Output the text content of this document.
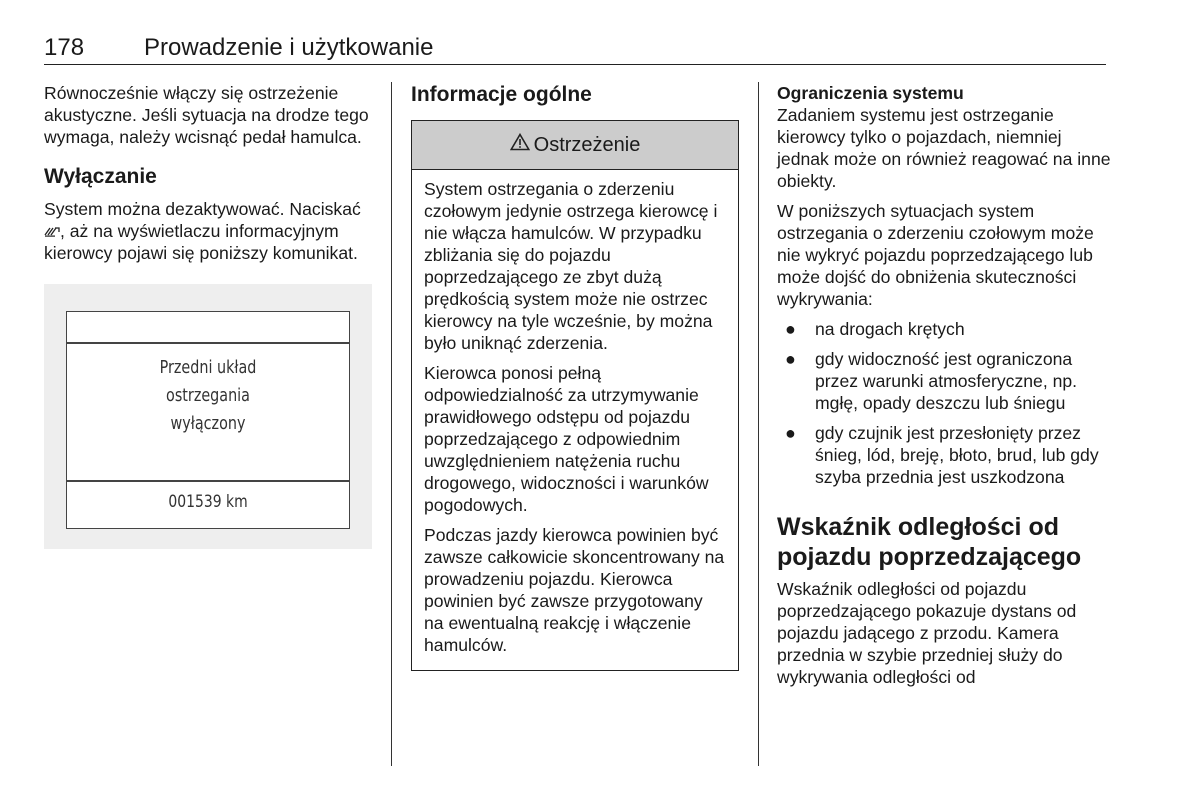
178 Prowadzenie i użytkowanie

Równocześnie włączy się ostrzeżenie akustyczne. Jeśli sytuacja na drodze tego wymaga, należy wcisnąć pedał hamulca.

Wyłączanie

System można dezaktywować. Naciskać , aż na wyświetlaczu informacyjnym kierowcy pojawi się poniższy komunikat.

Przedni układ
ostrzegania
wyłączony
001539 km
Informacje ogólne
Ostrzeżenie

System ostrzegania o zderzeniu czołowym jedynie ostrzega kierowcę i nie włącza hamulców. W przypadku zbliżania się do pojazdu poprzedzającego ze zbyt dużą prędkością system może nie ostrzec kierowcy na tyle wcześnie, by można było uniknąć zderzenia.

Kierowca ponosi pełną odpowiedzialność za utrzymywanie prawidłowego odstępu od pojazdu poprzedzającego z odpowiednim uwzględnieniem natężenia ruchu drogowego, widoczności i warunków pogodowych.

Podczas jazdy kierowca powinien być zawsze całkowicie skoncentrowany na prowadzeniu pojazdu. Kierowca powinien być zawsze przygotowany na ewentualną reakcję i włączenie hamulców.

Ograniczenia systemu

Zadaniem systemu jest ostrzeganie kierowcy tylko o pojazdach, niemniej jednak może on również reagować na inne obiekty.

W poniższych sytuacjach system ostrzegania o zderzeniu czołowym może nie wykryć pojazdu poprzedzającego lub może dojść do obniżenia skuteczności wykrywania:

● na drogach krętych
● gdy widoczność jest ograniczona przez warunki atmosferyczne, np. mgłę, opady deszczu lub śniegu
● gdy czujnik jest przesłonięty przez śnieg, lód, breję, błoto, brud, lub gdy szyba przednia jest uszkodzona
Wskaźnik odległości od pojazdu poprzedzającego

Wskaźnik odległości od pojazdu poprzedzającego pokazuje dystans od pojazdu jadącego z przodu. Kamera przednia w szybie przedniej służy do wykrywania odległości od
